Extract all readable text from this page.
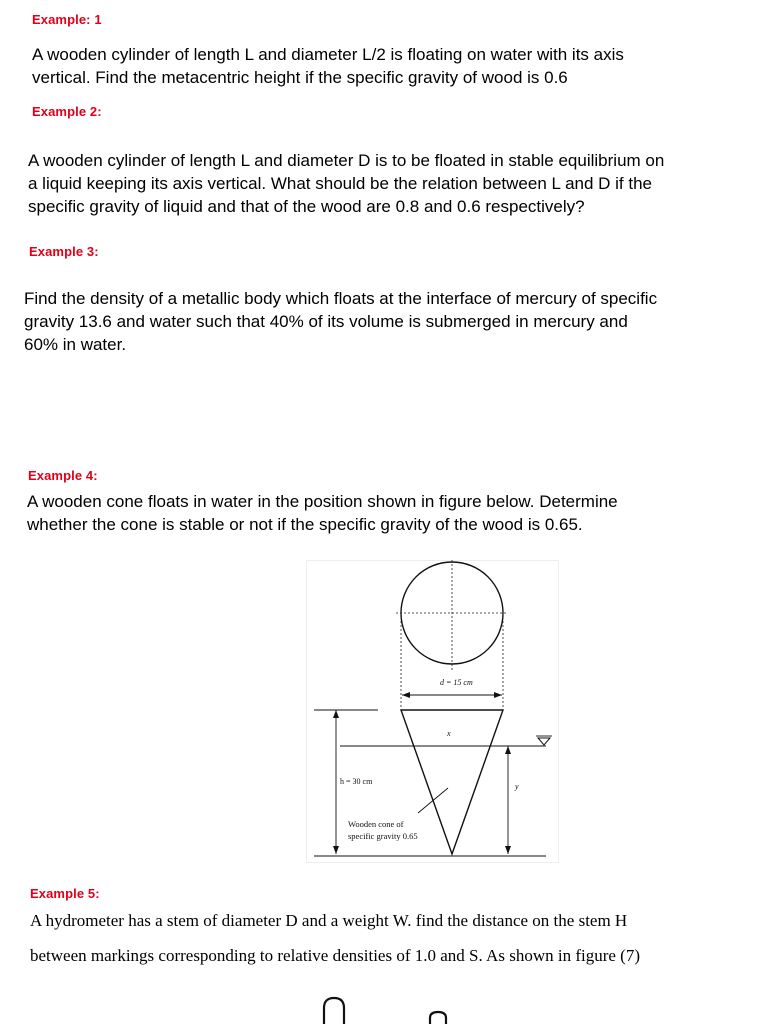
Example: 1
A wooden cylinder of length L and diameter L/2 is floating on water with its axis
vertical. Find the metacentric height if the specific gravity of wood is 0.6
Example 2:
A wooden cylinder of length L and diameter D is to be floated in stable equilibrium on
a liquid keeping its axis vertical. What should be the relation between L and D if the
specific gravity of liquid and that of the wood are 0.8 and 0.6 respectively?
Example 3:
Find the density of a metallic body which floats at the interface of mercury of specific
gravity 13.6 and water such that 40% of its volume is submerged in mercury and
60% in water.
Example 4:
A wooden cone floats in water in the position shown in figure below. Determine
whether the cone is stable or not if the specific gravity of the wood is 0.65.
d = 15 cm
x
h = 30 cm
y
Wooden cone of
specific gravity 0.65
Example 5:
A hydrometer has a stem of diameter D and a weight W. find the distance on the stem H
between markings corresponding to relative densities of 1.0 and S. As shown in figure (7)
